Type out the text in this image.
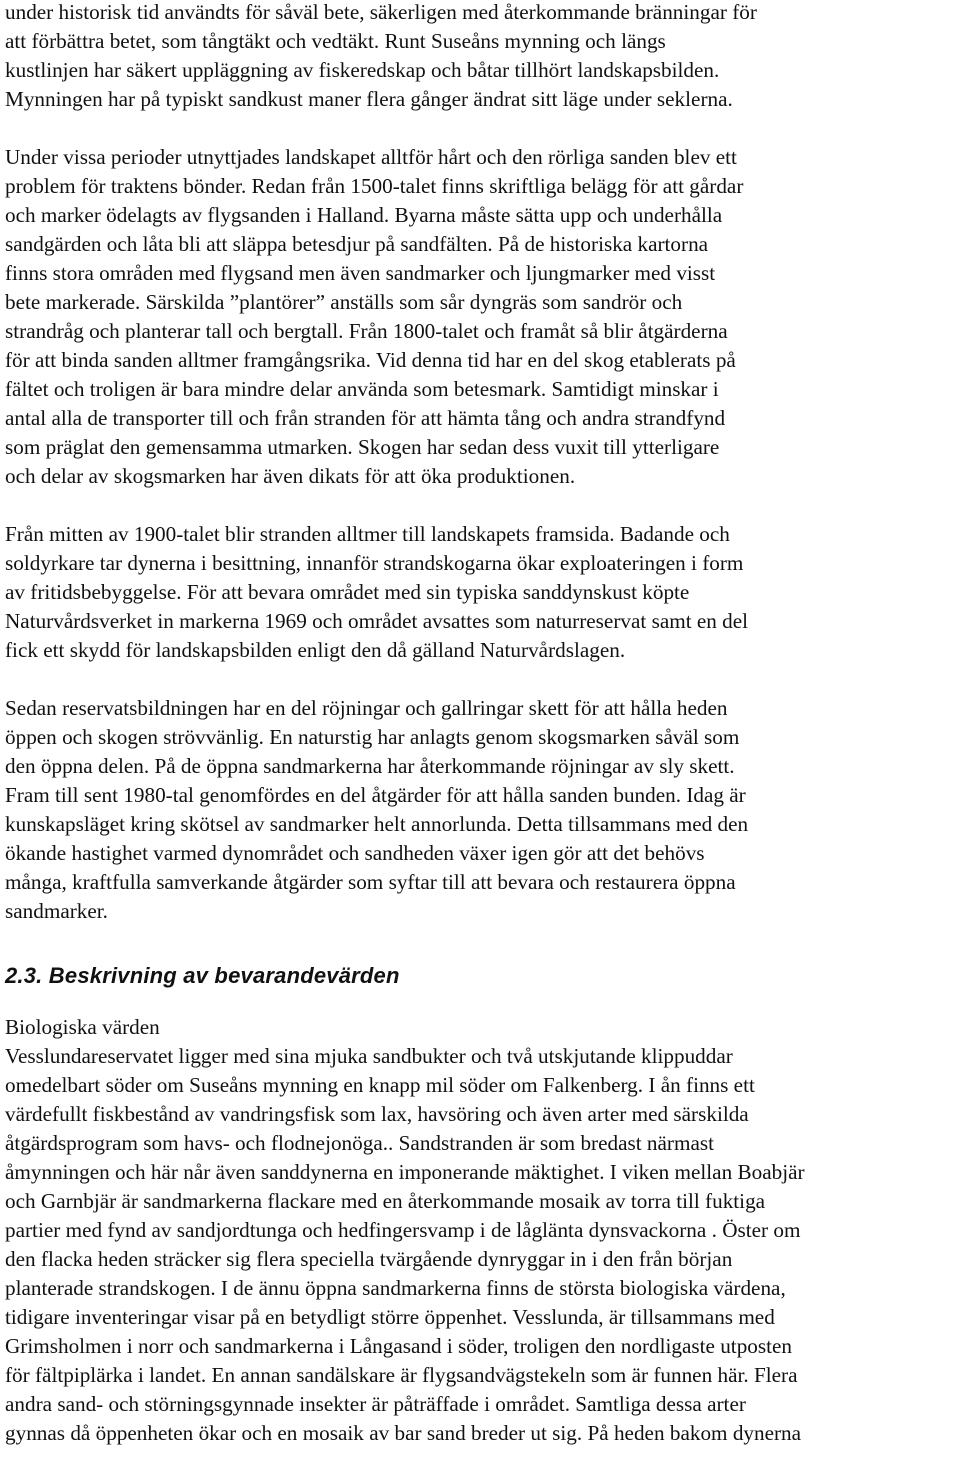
under historisk tid användts för såväl bete, säkerligen med återkommande bränningar för
att förbättra betet, som tångtäkt och vedtäkt. Runt Suseåns mynning och längs
kustlinjen har säkert uppläggning av fiskeredskap och båtar tillhört landskapsbilden.
Mynningen har på typiskt sandkust maner flera gånger ändrat sitt läge under seklerna.
Under vissa perioder utnyttjades landskapet alltför hårt och den rörliga sanden blev ett
problem för traktens bönder. Redan från 1500-talet finns skriftliga belägg för att gårdar
och marker ödelagts av flygsanden i Halland. Byarna måste sätta upp och underhålla
sandgärden och låta bli att släppa betesdjur på sandfälten. På de historiska kartorna
finns stora områden med flygsand men även sandmarker och ljungmarker med visst
bete markerade. Särskilda ”plantörer” anställs som sår dyngräs som sandrör och
strandråg och planterar tall och bergtall. Från 1800-talet och framåt så blir åtgärderna
för att binda sanden alltmer framgångsrika. Vid denna tid har en del skog etablerats på
fältet och troligen är bara mindre delar använda som betesmark. Samtidigt minskar i
antal alla de transporter till och från stranden för att hämta tång och andra strandfynd
som präglat den gemensamma utmarken. Skogen har sedan dess vuxit till ytterligare
och delar av skogsmarken har även dikats för att öka produktionen.
Från mitten av 1900-talet blir stranden alltmer till landskapets framsida. Badande och
soldyrkare tar dynerna i besittning, innanför strandskogarna ökar exploateringen i form
av fritidsbebyggelse. För att bevara området med sin typiska sanddynskust köpte
Naturvårdsverket in markerna 1969 och området avsattes som naturreservat samt en del
fick ett skydd för landskapsbilden enligt den då gälland Naturvårdslagen.
Sedan reservatsbildningen har en del röjningar och gallringar skett för att hålla heden
öppen och skogen strövvänlig. En naturstig har anlagts genom skogsmarken såväl som
den öppna delen. På de öppna sandmarkerna har återkommande röjningar av sly skett.
Fram till sent 1980-tal genomfördes en del åtgärder för att hålla sanden bunden. Idag är
kunskapsläget kring skötsel av sandmarker helt annorlunda. Detta tillsammans med den
ökande hastighet varmed dynområdet och sandheden växer igen gör att det behövs
många, kraftfulla samverkande åtgärder som syftar till att bevara och restaurera öppna
sandmarker.
2.3. Beskrivning av bevarandevärden
Biologiska värden
Vesslundareservatet ligger med sina mjuka sandbukter och två utskjutande klippuddar
omedelbart söder om Suseåns mynning en knapp mil söder om Falkenberg. I ån finns ett
värdefullt fiskbestånd av vandringsfisk som lax, havsöring och även arter med särskilda
åtgärdsprogram som havs- och flodnejonöga.. Sandstranden är som bredast närmast
åmynningen och här når även sanddynerna en imponerande mäktighet. I viken mellan Boabjär
och Garnbjär är sandmarkerna flackare med en återkommande mosaik av torra till fuktiga
partier med fynd av sandjordtunga och hedfingersvamp i de låglänta dynsvackorna . Öster om
den flacka heden sträcker sig flera speciella tvärgående dynryggar in i den från början
planterade strandskogen. I de ännu öppna sandmarkerna finns de största biologiska värdena,
tidigare inventeringar visar på en betydligt större öppenhet. Vesslunda, är tillsammans med
Grimsholmen i norr och sandmarkerna i Långasand i söder, troligen den nordligaste utposten
för fältpiplärka i landet. En annan sandälskare är flygsandvägstekeln som är funnen här. Flera
andra sand- och störningsgynnade insekter är påträffade i området. Samtliga dessa arter
gynnas då öppenheten ökar och en mosaik av bar sand breder ut sig. På heden bakom dynerna
